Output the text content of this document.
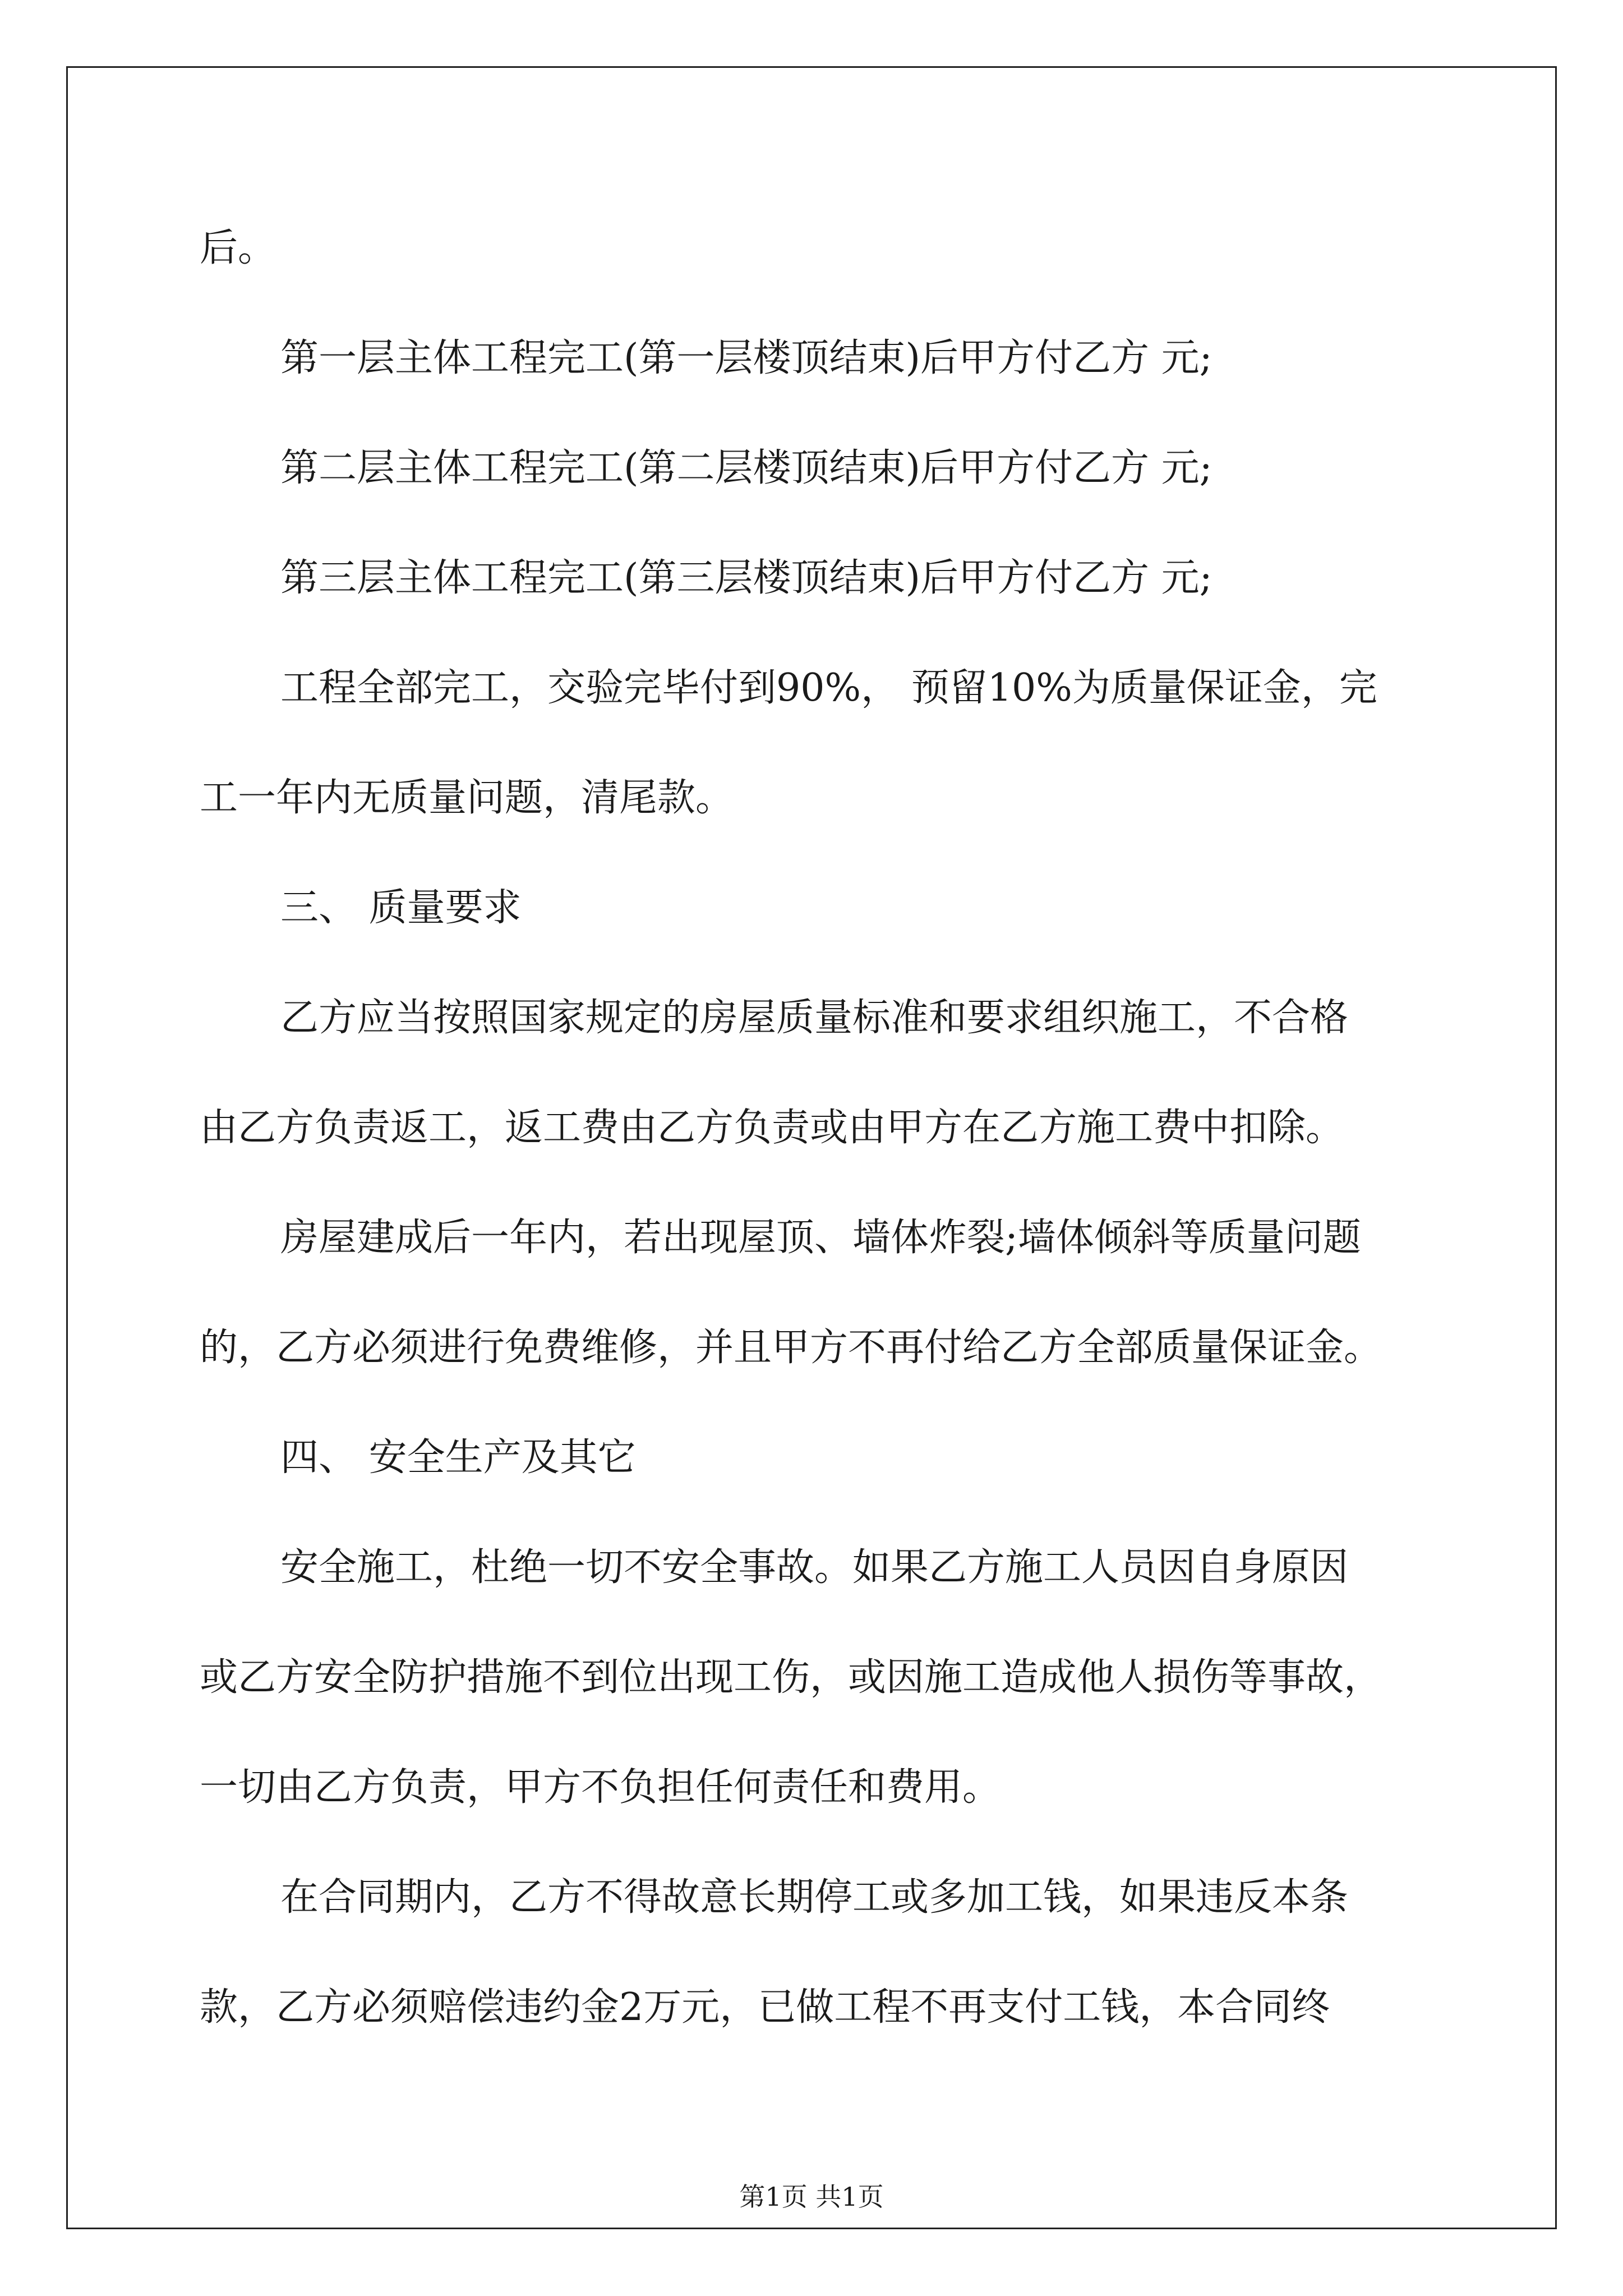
后。
第一层主体工程完工(第一层楼顶结束)后甲方付乙方 元;
第二层主体工程完工(第二层楼顶结束)后甲方付乙方 元;
第三层主体工程完工(第三层楼顶结束)后甲方付乙方 元;
工程全部完工，交验完毕付到90%， 预留10%为质量保证金，完
工一年内无质量问题，清尾款。
三、 质量要求
乙方应当按照国家规定的房屋质量标准和要求组织施工，不合格
由乙方负责返工，返工费由乙方负责或由甲方在乙方施工费中扣除。
房屋建成后一年内，若出现屋顶、墙体炸裂;墙体倾斜等质量问题
的，乙方必须进行免费维修，并且甲方不再付给乙方全部质量保证金。
四、 安全生产及其它
安全施工，杜绝一切不安全事故。如果乙方施工人员因自身原因
或乙方安全防护措施不到位出现工伤，或因施工造成他人损伤等事故，
一切由乙方负责，甲方不负担任何责任和费用。
在合同期内，乙方不得故意长期停工或多加工钱，如果违反本条
款，乙方必须赔偿违约金2万元，已做工程不再支付工钱，本合同终
第1页 共1页
